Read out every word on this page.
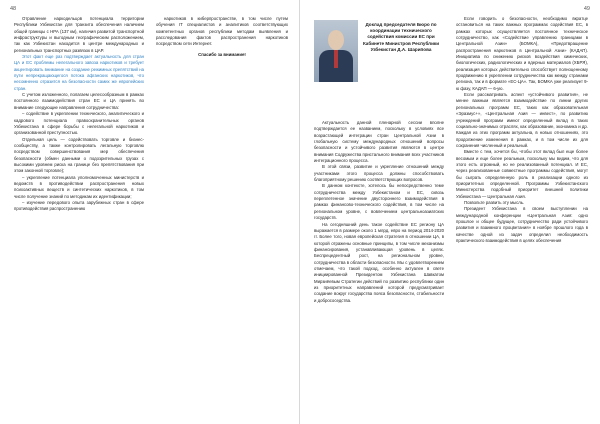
48

Отравление наркодельцов потенциала территории Республики Узбекистан для транзита обеспечения наличием общей границы с НРА (137 км), наличия развитой транспортной инфраструктуры и выгодным географическим расположением, так как Узбекистан находится в центре международных и региональных транспортных развязок в ЦАР.

Этот факт еще раз подтверждает актуальность для стран ЦА и ЕС проблемы нелегального завоза наркотиков и требует акцентировать внимание на создание режимных препятствий на пути непрекращающегося потока афганских наркотиков, что несомненно отразится на безопасности самих же европейских стран.

С учетом изложенного, полагаем целесообразным в рамках постоянного взаимодействия стран ЕС и ЦА принять во внимание следующие направления сотрудничества:

– содействие в укреплении технического, аналитического и кадрового потенциала правоохранительных органов Узбекистана в сфере борьбы с нелегальной наркотиков и организованной преступностью.

Отдельная цель — содействовать торговле и бизнес-сообществу, а также контролировать легальную торговлю посредством совершенствования мер обеспечения безопасности (обмен данными о подозрительных грузах с высокими уровнем риска на границе без препятствования при этом законной торговле);

– укрепление потенциала уполномоченных министерств и ведомств в противодействии распространения новых психоактивных веществ и синтетических наркотиков, в том числе получение знаний по методикам их идентификации;

– изучение передового опыта зарубежных стран в сфере противодействия распространению

наркотиков в киберпространстве, в том числе путем обучения IT специалистов и аналитиков соответствующих компетентных органов республики методам выявления и расследования фактов распространения наркотиков посредством сети Интернет.

Спасибо за внимание!

49
Доклад председателя Бюро по координации технического содействия комиссии ЕС при Кабинете Министров Республики Узбекистан Д.А. Шарипова

Актуальность данной пленарной сессии вполне подтверждается ее названием, поскольку в условиях все возрастающей интеграции стран Центральной Азии в глобальную систему международных отношений вопросы безопасности и устойчивого развития являются в центре внимания Содружества пристального внимания всех участников интеграционного процесса.

В этой связи, развитие и укрепление отношений между участниками этого процесса должны способствовать благоприятному решению соответствующих вопросов.

В данном контексте, хотелось бы непосредственно теме сотрудничества между Узбекистаном и ЕС, сквозь переплетенное значение двустороннего взаимодействия в рамках финансово-технического содействия, в том числе на региональном уровне, с вовлечением центральноазиатских государств.

На сегодняшний день такое содействие ЕС региону ЦА выражается в размере около 1 млрд. евро на период 2014-2020 гг. Более того, новая европейская стратегия в отношении ЦА, в которой отражены основные принципы, в том числе механизмы финансирования, устанавливающая уровень в целях. Беспрецедентный рост, на региональном уровне, сотрудничества в области безопасности. Мы с удовлетворением отмечаем, что такой подход, особенно актуален в свете инициированной Президентом Узбекистана Шавкатом Мирзиёевым Стратегии действий по развитию республики один из приоритетных направлений которой предусматривает создание вокруг государства пояса безопасности, стабильности и добрососедства.

Если говорить о безопасности, необходимо вкратце остановиться на таких важных программах содействия ЕС, в рамках которых осуществляется постоянное техническое сотрудничество, как «Содействие управлению границами в Центральной Азии» (БОМКА), «Предотвращение распространения наркотиков в Центральной Азии» (КАДАП). Инициатива по снижению рисков воздействия химических, биологических, радиологических и ядерных материалов (ХБРЯ), реализация которых действительно способствует полноценному продвижению в укреплении сотрудничества как между странами региона, так и в формате «ЕС-ЦА». Так, БОМКА уже реализует 9-ю фазу, КАДАП — 6-ую.

Если рассматривать аспект «устойчивого развития», не менее важным является взаимодействие по линии других региональных программ ЕС, таких как образовательная «Эразмус+», «Центральная Азия — инвест», по развитию учреждений программ имеют определенный вклад в таких социально-значимых отраслях, как образование, экономика и др. Каждая из этих программ актуальна, в новых отношениях, это продолжение изменения в рамках, и в том числе их для сохранения численный и реальный.

Вместе с тем, хочется бы, чтобы этот вклад был еще более весомым и еще более реальным, поскольку мы видим, что для этого есть огромный, но не реализованный потенциал. И ЕС, через реализованные совместные программы содействия, могут бы сыграть определенную роль в реализации одного из приоритетных определенной. Программы Узбекистанского Министерства подобный приоритет внешней политики Узбекистана — Центральная Азия.

Позвольте развить эту мысль.

Президент Узбекистана в своем выступлении на международной конференции «Центральная Азия: одно прошлое и общее будущее, сотрудничество ради устойчивого развития и взаимного процветания» в ноябре прошлого года в качестве одной из задач определил необходимость практического взаимодействия в целях обеспечения
